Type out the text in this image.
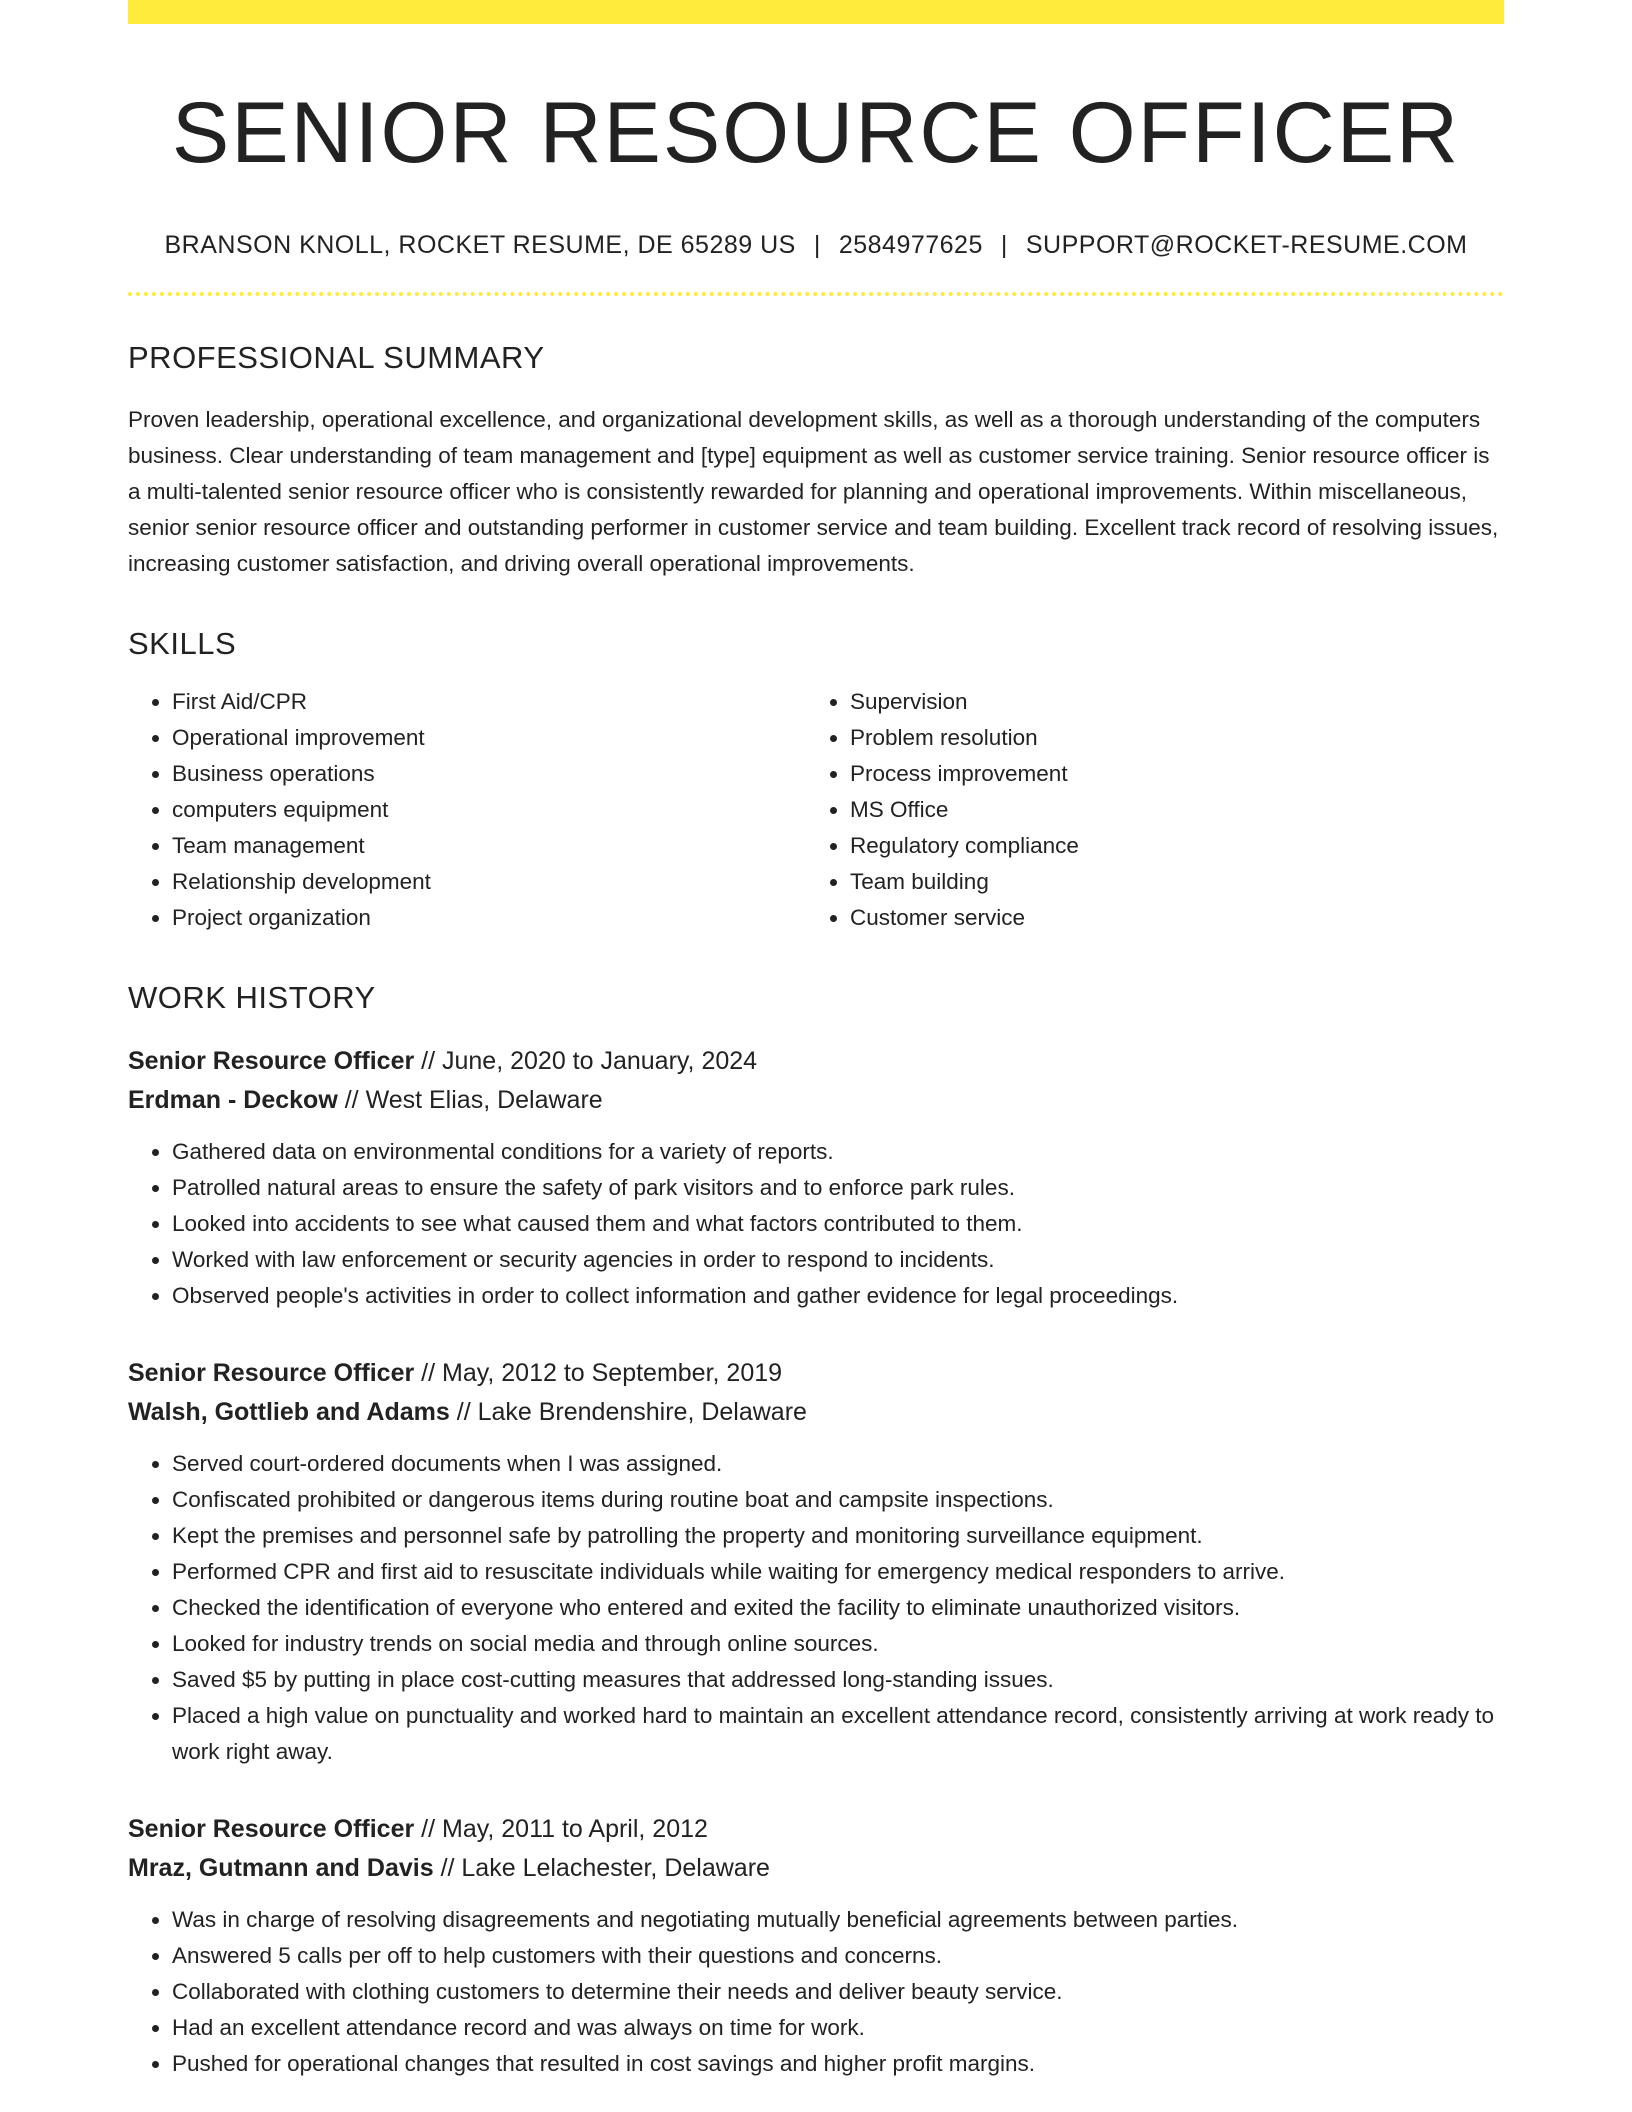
SENIOR RESOURCE OFFICER
BRANSON KNOLL, ROCKET RESUME, DE 65289 US | 2584977625 | SUPPORT@ROCKET-RESUME.COM
PROFESSIONAL SUMMARY

Proven leadership, operational excellence, and organizational development skills, as well as a thorough understanding of the computers business. Clear understanding of team management and [type] equipment as well as customer service training. Senior resource officer is a multi-talented senior resource officer who is consistently rewarded for planning and operational improvements. Within miscellaneous, senior senior resource officer and outstanding performer in customer service and team building. Excellent track record of resolving issues, increasing customer satisfaction, and driving overall operational improvements.

SKILLS
• First Aid/CPR
• Operational improvement
• Business operations
• computers equipment
• Team management
• Relationship development
• Project organization
• Supervision
• Problem resolution
• Process improvement
• MS Office
• Regulatory compliance
• Team building
• Customer service
WORK HISTORY
Senior Resource Officer // June, 2020 to January, 2024
Erdman - Deckow // West Elias, Delaware
• Gathered data on environmental conditions for a variety of reports.
• Patrolled natural areas to ensure the safety of park visitors and to enforce park rules.
• Looked into accidents to see what caused them and what factors contributed to them.
• Worked with law enforcement or security agencies in order to respond to incidents.
• Observed people's activities in order to collect information and gather evidence for legal proceedings.
Senior Resource Officer // May, 2012 to September, 2019
Walsh, Gottlieb and Adams // Lake Brendenshire, Delaware
• Served court-ordered documents when I was assigned.
• Confiscated prohibited or dangerous items during routine boat and campsite inspections.
• Kept the premises and personnel safe by patrolling the property and monitoring surveillance equipment.
• Performed CPR and first aid to resuscitate individuals while waiting for emergency medical responders to arrive.
• Checked the identification of everyone who entered and exited the facility to eliminate unauthorized visitors.
• Looked for industry trends on social media and through online sources.
• Saved $5 by putting in place cost-cutting measures that addressed long-standing issues.
• Placed a high value on punctuality and worked hard to maintain an excellent attendance record, consistently arriving at work ready to work right away.
Senior Resource Officer // May, 2011 to April, 2012
Mraz, Gutmann and Davis // Lake Lelachester, Delaware
• Was in charge of resolving disagreements and negotiating mutually beneficial agreements between parties.
• Answered 5 calls per off to help customers with their questions and concerns.
• Collaborated with clothing customers to determine their needs and deliver beauty service.
• Had an excellent attendance record and was always on time for work.
• Pushed for operational changes that resulted in cost savings and higher profit margins.
